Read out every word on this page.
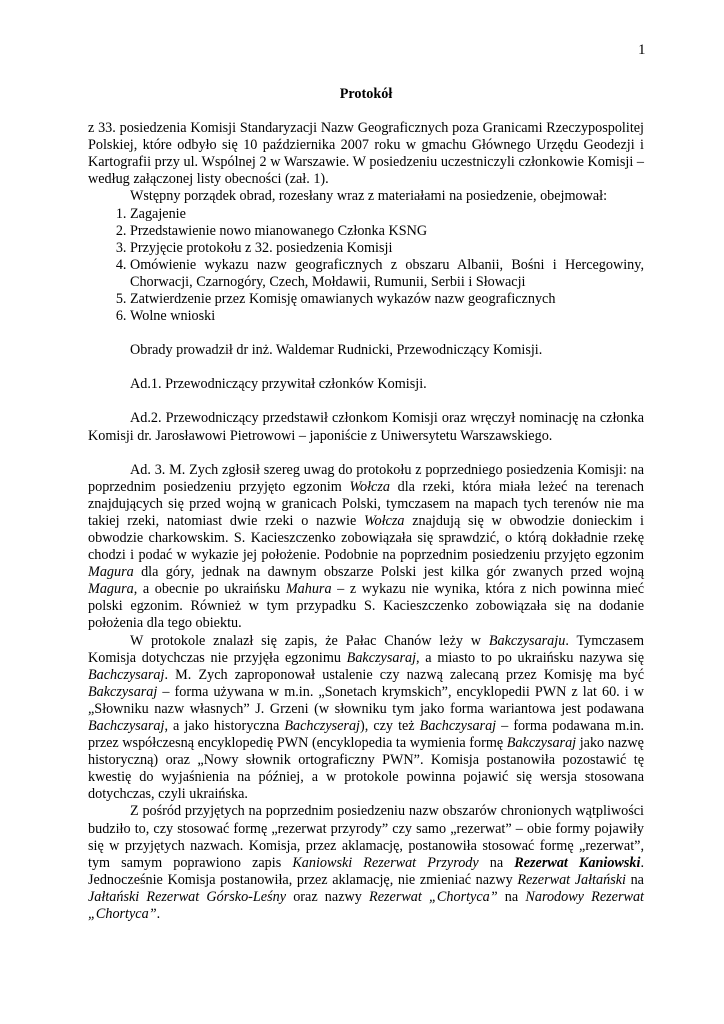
1
Protokół

z 33. posiedzenia Komisji Standaryzacji Nazw Geograficznych poza Granicami Rzeczypospolitej Polskiej, które odbyło się 10 października 2007 roku w gmachu Głównego Urzędu Geodezji i Kartografii przy ul. Wspólnej 2 w Warszawie. W posiedzeniu uczestniczyli członkowie Komisji – według załączonej listy obecności (zał. 1).

Wstępny porządek obrad, rozesłany wraz z materiałami na posiedzenie, obejmował:

1. Zagajenie
2. Przedstawienie nowo mianowanego Członka KSNG
3. Przyjęcie protokołu z 32. posiedzenia Komisji
4. Omówienie wykazu nazw geograficznych z obszaru Albanii, Bośni i Hercegowiny, Chorwacji, Czarnogóry, Czech, Mołdawii, Rumunii, Serbii i Słowacji
5. Zatwierdzenie przez Komisję omawianych wykazów nazw geograficznych
6. Wolne wnioski

Obrady prowadził dr inż. Waldemar Rudnicki, Przewodniczący Komisji.

Ad.1. Przewodniczący przywitał członków Komisji.

Ad.2. Przewodniczący przedstawił członkom Komisji oraz wręczył nominację na członka Komisji dr. Jarosławowi Pietrowowi – japoniście z Uniwersytetu Warszawskiego.

Ad. 3. M. Zych zgłosił szereg uwag do protokołu z poprzedniego posiedzenia Komisji: na poprzednim posiedzeniu przyjęto egzonim Wołcza dla rzeki, która miała leżeć na terenach znajdujących się przed wojną w granicach Polski, tymczasem na mapach tych terenów nie ma takiej rzeki, natomiast dwie rzeki o nazwie Wołcza znajdują się w obwodzie donieckim i obwodzie charkowskim. S. Kacieszczenko zobowiązała się sprawdzić, o którą dokładnie rzekę chodzi i podać w wykazie jej położenie. Podobnie na poprzednim posiedzeniu przyjęto egzonim Magura dla góry, jednak na dawnym obszarze Polski jest kilka gór zwanych przed wojną Magura, a obecnie po ukraińsku Mahura – z wykazu nie wynika, która z nich powinna mieć polski egzonim. Również w tym przypadku S. Kacieszczenko zobowiązała się na dodanie położenia dla tego obiektu.

W protokole znalazł się zapis, że Pałac Chanów leży w Bakczysaraju. Tymczasem Komisja dotychczas nie przyjęła egzonimu Bakczysaraj, a miasto to po ukraińsku nazywa się Bachczysaraj. M. Zych zaproponował ustalenie czy nazwą zalecaną przez Komisję ma być Bakczysaraj – forma używana w m.in. „Sonetach krymskich”, encyklopedii PWN z lat 60. i w „Słowniku nazw własnych” J. Grzeni (w słowniku tym jako forma wariantowa jest podawana Bachczysaraj, a jako historyczna Bachczyseraj), czy też Bachczysaraj – forma podawana m.in. przez współczesną encyklopedię PWN (encyklopedia ta wymienia formę Bakczysaraj jako nazwę historyczną) oraz „Nowy słownik ortograficzny PWN”. Komisja postanowiła pozostawić tę kwestię do wyjaśnienia na później, a w protokole powinna pojawić się wersja stosowana dotychczas, czyli ukraińska.

Z pośród przyjętych na poprzednim posiedzeniu nazw obszarów chronionych wątpliwości budziło to, czy stosować formę „rezerwat przyrody” czy samo „rezerwat” – obie formy pojawiły się w przyjętych nazwach. Komisja, przez aklamację, postanowiła stosować formę „rezerwat”, tym samym poprawiono zapis Kaniowski Rezerwat Przyrody na Rezerwat Kaniowski. Jednocześnie Komisja postanowiła, przez aklamację, nie zmieniać nazwy Rezerwat Jałtański na Jałtański Rezerwat Górsko-Leśny oraz nazwy Rezerwat „Chortyca” na Narodowy Rezerwat „Chortyca”.
